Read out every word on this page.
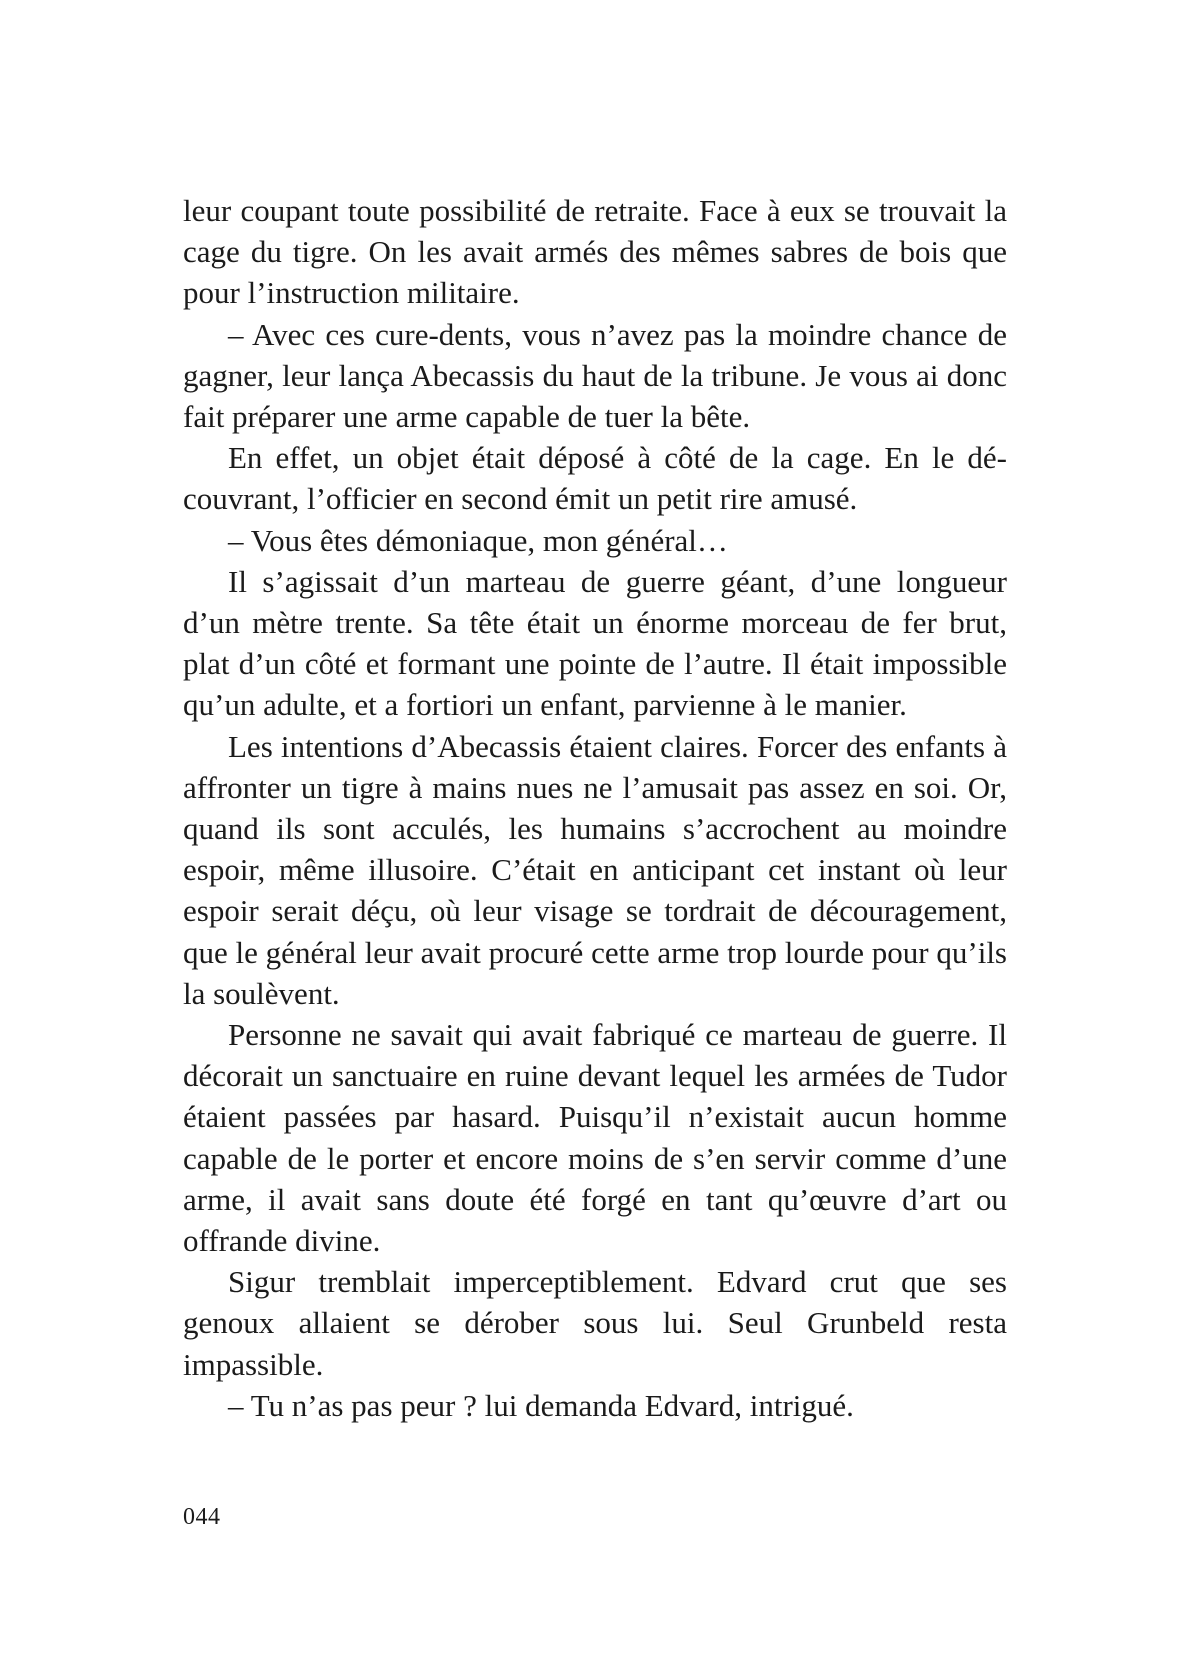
leur coupant toute possibilité de retraite. Face à eux se trouvait la cage du tigre. On les avait armés des mêmes sabres de bois que pour l’instruction militaire.

– Avec ces cure-dents, vous n’avez pas la moindre chance de gagner, leur lança Abecassis du haut de la tribune. Je vous ai donc fait préparer une arme capable de tuer la bête.

En effet, un objet était déposé à côté de la cage. En le découvrant, l’officier en second émit un petit rire amusé.

– Vous êtes démoniaque, mon général…

Il s’agissait d’un marteau de guerre géant, d’une longueur d’un mètre trente. Sa tête était un énorme morceau de fer brut, plat d’un côté et formant une pointe de l’autre. Il était impossible qu’un adulte, et a fortiori un enfant, parvienne à le manier.

Les intentions d’Abecassis étaient claires. Forcer des enfants à affronter un tigre à mains nues ne l’amusait pas assez en soi. Or, quand ils sont acculés, les humains s’accrochent au moindre espoir, même illusoire. C’était en anticipant cet instant où leur espoir serait déçu, où leur visage se tordrait de découragement, que le général leur avait procuré cette arme trop lourde pour qu’ils la soulèvent.

Personne ne savait qui avait fabriqué ce marteau de guerre. Il décorait un sanctuaire en ruine devant lequel les armées de Tudor étaient passées par hasard. Puisqu’il n’existait aucun homme capable de le porter et encore moins de s’en servir comme d’une arme, il avait sans doute été forgé en tant qu’œuvre d’art ou offrande divine.

Sigur tremblait imperceptiblement. Edvard crut que ses genoux allaient se dérober sous lui. Seul Grunbeld resta impassible.

– Tu n’as pas peur ? lui demanda Edvard, intrigué.

044
